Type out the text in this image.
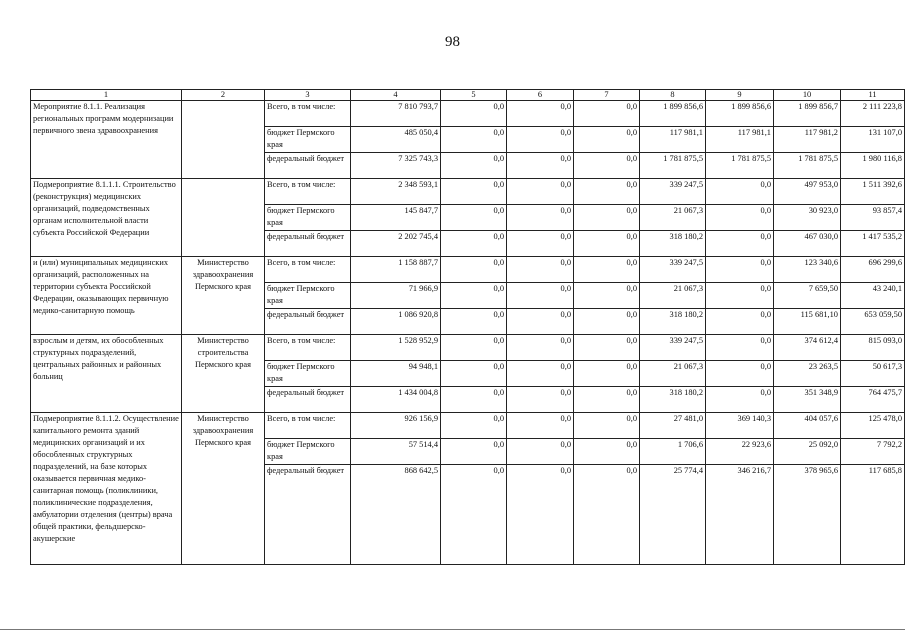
98
1	2	3	4	5	6	7	8	9	10	11
Мероприятие 8.1.1. Реализация региональных программ модернизации первичного звена здравоохранения		Всего, в том числе:	7 810 793,7	0,0	0,0	0,0	1 899 856,6	1 899 856,6	1 899 856,7	2 111 223,8
		бюджет Пермского края	485 050,4	0,0	0,0	0,0	117 981,1	117 981,1	117 981,2	131 107,0
		федеральный бюджет	7 325 743,3	0,0	0,0	0,0	1 781 875,5	1 781 875,5	1 781 875,5	1 980 116,8
Подмероприятие 8.1.1.1. Строительство (реконструкция) медицинских организаций, подведомственных органам исполнительной власти субъекта Российской Федерации		Всего, в том числе:	2 348 593,1	0,0	0,0	0,0	339 247,5	0,0	497 953,0	1 511 392,6
		бюджет Пермского края	145 847,7	0,0	0,0	0,0	21 067,3	0,0	30 923,0	93 857,4
		федеральный бюджет	2 202 745,4	0,0	0,0	0,0	318 180,2	0,0	467 030,0	1 417 535,2
и (или) муниципальных медицинских организаций, расположенных на территории субъекта Российской Федерации, оказывающих первичную медико-санитарную помощь	Министерство здравоохранения Пермского края	Всего, в том числе:	1 158 887,7	0,0	0,0	0,0	339 247,5	0,0	123 340,6	696 299,6
		бюджет Пермского края	71 966,9	0,0	0,0	0,0	21 067,3	0,0	7 659,50	43 240,1
		федеральный бюджет	1 086 920,8	0,0	0,0	0,0	318 180,2	0,0	115 681,10	653 059,50
взрослым и детям, их обособленных структурных подразделений, центральных районных и районных больниц	Министерство строительства Пермского края	Всего, в том числе:	1 528 952,9	0,0	0,0	0,0	339 247,5	0,0	374 612,4	815 093,0
		бюджет Пермского края	94 948,1	0,0	0,0	0,0	21 067,3	0,0	23 263,5	50 617,3
		федеральный бюджет	1 434 004,8	0,0	0,0	0,0	318 180,2	0,0	351 348,9	764 475,7
Подмероприятие 8.1.1.2. Осуществление капитального ремонта зданий медицинских организаций и их обособленных структурных подразделений, на базе которых оказывается первичная медико-санитарная помощь (поликлиники, поликлинические подразделения, амбулатории отделения (центры) врача общей практики, фельдшерско-акушерские	Министерство здравоохранения Пермского края	Всего, в том числе:	926 156,9	0,0	0,0	0,0	27 481,0	369 140,3	404 057,6	125 478,0
		бюджет Пермского края	57 514,4	0,0	0,0	0,0	1 706,6	22 923,6	25 092,0	7 792,2
		федеральный бюджет	868 642,5	0,0	0,0	0,0	25 774,4	346 216,7	378 965,6	117 685,8
